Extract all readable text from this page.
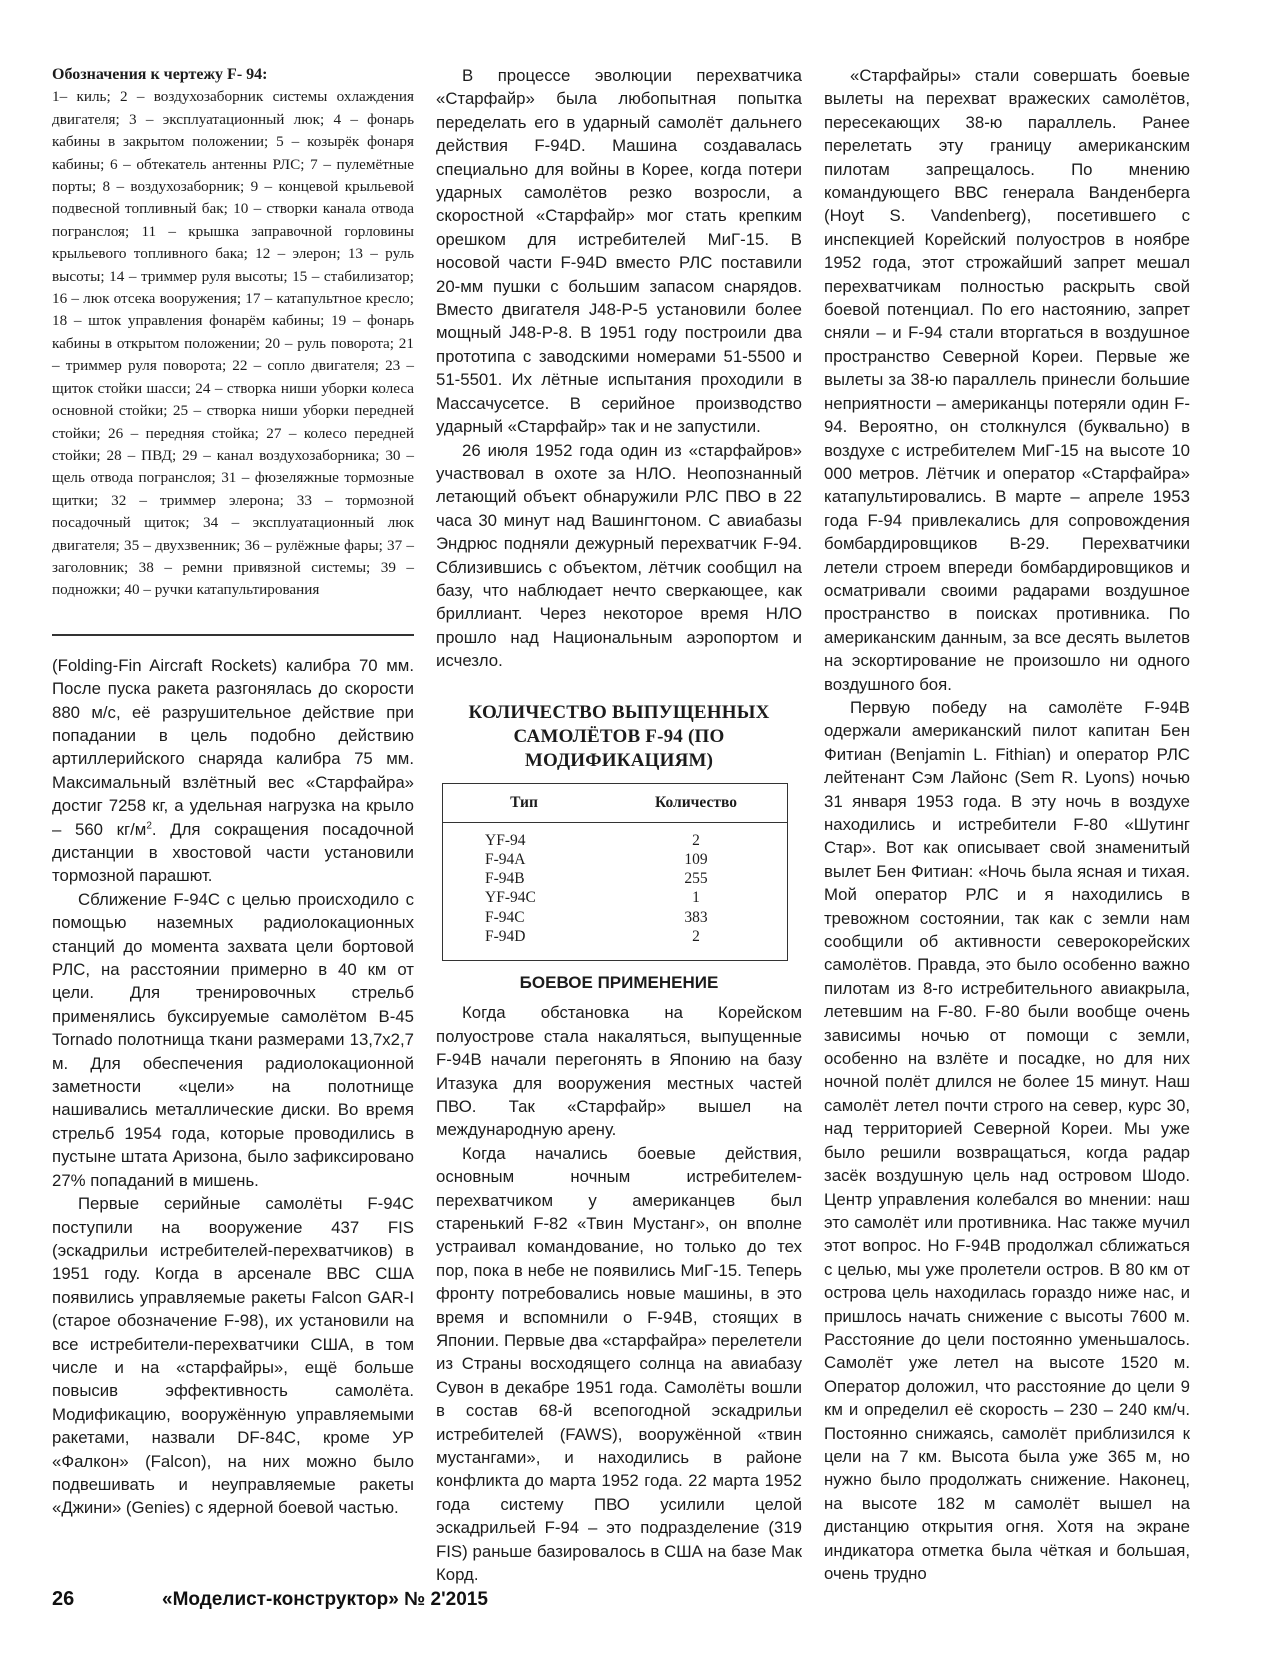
Обозначения к чертежу F- 94:
1– киль; 2 – воздухозаборник системы охлаждения двигателя; 3 – эксплуатационный люк; 4 – фонарь кабины в закрытом положении; 5 – козырёк фонаря кабины; 6 – обтекатель антенны РЛС; 7 – пулемётные порты; 8 – воздухозаборник; 9 – концевой крыльевой подвесной топливный бак; 10 – створки канала отвода погранслоя; 11 – крышка заправочной горловины крыльевого топливного бака; 12 – элерон; 13 – руль высоты; 14 – триммер руля высоты; 15 – стабилизатор; 16 – люк отсека вооружения; 17 – катапультное кресло; 18 – шток управления фонарём кабины; 19 – фонарь кабины в открытом положении; 20 – руль поворота; 21 – триммер руля поворота; 22 – сопло двигателя; 23 – щиток стойки шасси; 24 – створка ниши уборки колеса основной стойки; 25 – створка ниши уборки передней стойки; 26 – передняя стойка; 27 – колесо передней стойки; 28 – ПВД; 29 – канал воздухозаборника; 30 – щель отвода погранслоя; 31 – фюзеляжные тормозные щитки; 32 – триммер элерона; 33 – тормозной посадочный щиток; 34 – эксплуатационный люк двигателя; 35 – двухзвенник; 36 – рулёжные фары; 37 – заголовник; 38 – ремни привязной системы; 39 – подножки; 40 – ручки катапультирования

(Folding-Fin Aircraft Rockets) калибра 70 мм. После пуска ракета разгонялась до скорости 880 м/с, её разрушительное действие при попадании в цель подобно действию артиллерийского снаряда калибра 75 мм. Максимальный взлётный вес «Старфайра» достиг 7258 кг, а удельная нагрузка на крыло – 560 $кг/м^2$. Для сокращения посадочной дистанции в хвостовой части установили тормозной парашют.

Сближение F-94C с целью происходило с помощью наземных радиолокационных станций до момента захвата цели бортовой РЛС, на расстоянии примерно в 40 км от цели. Для тренировочных стрельб применялись буксируемые самолётом B-45 Tornado полотнища ткани размерами 13,7х2,7 м. Для обеспечения радиолокационной заметности «цели» на полотнище нашивались металлические диски. Во время стрельб 1954 года, которые проводились в пустыне штата Аризона, было зафиксировано 27% попаданий в мишень.

Первые серийные самолёты F-94C поступили на вооружение 437 FIS (эскадрильи истребителей-перехватчиков) в 1951 году. Когда в арсенале ВВС США появились управляемые ракеты Falcon GAR-I (старое обозначение F-98), их установили на все истребители-перехватчики США, в том числе и на «старфайры», ещё больше повысив эффективность самолёта. Модификацию, вооружённую управляемыми ракетами, назвали DF-84C, кроме УР «Фалкон» (Falcon), на них можно было подвешивать и неуправляемые ракеты «Джини» (Genies) с ядерной боевой частью.

В процессе эволюции перехватчика «Старфайр» была любопытная попытка переделать его в ударный самолёт дальнего действия F-94D. Машина создавалась специально для войны в Корее, когда потери ударных самолётов резко возросли, а скоростной «Старфайр» мог стать крепким орешком для истребителей МиГ-15. В носовой части F-94D вместо РЛС поставили 20-мм пушки с большим запасом снарядов. Вместо двигателя J48-P-5 установили более мощный J48-P-8. В 1951 году построили два прототипа с заводскими номерами 51-5500 и 51-5501. Их лётные испытания проходили в Массачусетсе. В серийное производство ударный «Старфайр» так и не запустили.

26 июля 1952 года один из «старфайров» участвовал в охоте за НЛО. Неопознанный летающий объект обнаружили РЛС ПВО в 22 часа 30 минут над Вашингтоном. С авиабазы Эндрюс подняли дежурный перехватчик F-94. Сблизившись с объектом, лётчик сообщил на базу, что наблюдает нечто сверкающее, как бриллиант. Через некоторое время НЛО прошло над Национальным аэропортом и исчезло.

КОЛИЧЕСТВО ВЫПУЩЕННЫХ САМОЛЁТОВ F-94 (ПО МОДИФИКАЦИЯМ)
Тип	Количество
YF-94	2
F-94A	109
F-94B	255
YF-94C	1
F-94C	383
F-94D	2
БОЕВОЕ ПРИМЕНЕНИЕ

Когда обстановка на Корейском полуострове стала накаляться, выпущенные F-94B начали перегонять в Японию на базу Итазука для вооружения местных частей ПВО. Так «Старфайр» вышел на международную арену.

Когда начались боевые действия, основным ночным истребителем-перехватчиком у американцев был старенький F-82 «Твин Мустанг», он вполне устраивал командование, но только до тех пор, пока в небе не появились МиГ-15. Теперь фронту потребовались новые машины, в это время и вспомнили о F-94B, стоящих в Японии. Первые два «старфайра» перелетели из Страны восходящего солнца на авиабазу Сувон в декабре 1951 года. Самолёты вошли в состав 68-й всепогодной эскадрильи истребителей (FAWS), вооружённой «твин мустангами», и находились в районе конфликта до марта 1952 года. 22 марта 1952 года систему ПВО усилили целой эскадрильей F-94 – это подразделение (319 FIS) раньше базировалось в США на базе Мак Корд.

«Старфайры» стали совершать боевые вылеты на перехват вражеских самолётов, пересекающих 38-ю параллель. Ранее перелетать эту границу американским пилотам запрещалось. По мнению командующего ВВС генерала Ванденберга (Hoyt S. Vandenberg), посетившего с инспекцией Корейский полуостров в ноябре 1952 года, этот строжайший запрет мешал перехватчикам полностью раскрыть свой боевой потенциал. По его настоянию, запрет сняли – и F-94 стали вторгаться в воздушное пространство Северной Кореи. Первые же вылеты за 38-ю параллель принесли большие неприятности – американцы потеряли один F-94. Вероятно, он столкнулся (буквально) в воздухе с истребителем МиГ-15 на высоте 10 000 метров. Лётчик и оператор «Старфайра» катапультировались. В марте – апреле 1953 года F-94 привлекались для сопровождения бомбардировщиков B-29. Перехватчики летели строем впереди бомбардировщиков и осматривали своими радарами воздушное пространство в поисках противника. По американским данным, за все десять вылетов на эскортирование не произошло ни одного воздушного боя.

Первую победу на самолёте F-94B одержали американский пилот капитан Бен Фитиан (Benjamin L. Fithian) и оператор РЛС лейтенант Сэм Лайонс (Sem R. Lyons) ночью 31 января 1953 года. В эту ночь в воздухе находились и истребители F-80 «Шутинг Стар». Вот как описывает свой знаменитый вылет Бен Фитиан: «Ночь была ясная и тихая. Мой оператор РЛС и я находились в тревожном состоянии, так как с земли нам сообщили об активности северокорейских самолётов. Правда, это было особенно важно пилотам из 8-го истребительного авиакрыла, летевшим на F-80. F-80 были вообще очень зависимы ночью от помощи с земли, особенно на взлёте и посадке, но для них ночной полёт длился не более 15 минут. Наш самолёт летел почти строго на север, курс 30, над территорией Северной Кореи. Мы уже было решили возвращаться, когда радар засёк воздушную цель над островом Шодо. Центр управления колебался во мнении: наш это самолёт или противника. Нас также мучил этот вопрос. Но F-94B продолжал сближаться с целью, мы уже пролетели остров. В 80 км от острова цель находилась гораздо ниже нас, и пришлось начать снижение с высоты 7600 м. Расстояние до цели постоянно уменьшалось. Самолёт уже летел на высоте 1520 м. Оператор доложил, что расстояние до цели 9 км и определил её скорость – 230 – 240 км/ч. Постоянно снижаясь, самолёт приблизился к цели на 7 км. Высота была уже 365 м, но нужно было продолжать снижение. Наконец, на высоте 182 м самолёт вышел на дистанцию открытия огня. Хотя на экране индикатора отметка была чёткая и большая, очень трудно

26	«Моделист-конструктор» № 2'2015
